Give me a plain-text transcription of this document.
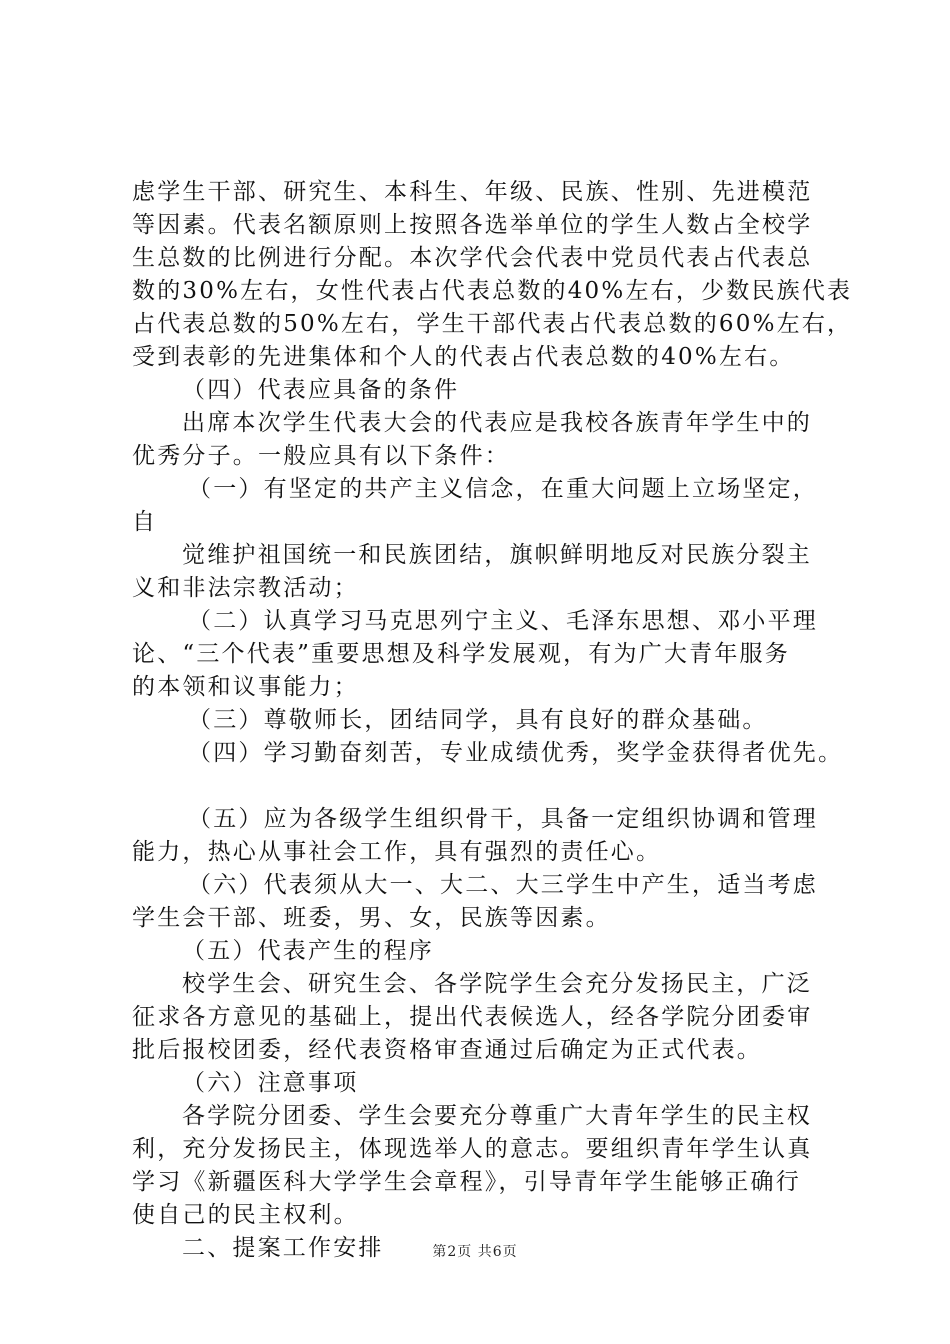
虑学生干部、研究生、本科生、年级、民族、性别、先进模范
等因素。代表名额原则上按照各选举单位的学生人数占全校学
生总数的比例进行分配。本次学代会代表中党员代表占代表总
数的30%左右，女性代表占代表总数的40%左右，少数民族代表
占代表总数的50%左右，学生干部代表占代表总数的60%左右，
受到表彰的先进集体和个人的代表占代表总数的40%左右。
（四）代表应具备的条件
出席本次学生代表大会的代表应是我校各族青年学生中的
优秀分子。一般应具有以下条件：
（一）有坚定的共产主义信念，在重大问题上立场坚定，
自
觉维护祖国统一和民族团结，旗帜鲜明地反对民族分裂主
义和非法宗教活动；
（二）认真学习马克思列宁主义、毛泽东思想、邓小平理
论、“三个代表”重要思想及科学发展观，有为广大青年服务
的本领和议事能力；
（三）尊敬师长，团结同学，具有良好的群众基础。
（四）学习勤奋刻苦，专业成绩优秀，奖学金获得者优先。
（五）应为各级学生组织骨干，具备一定组织协调和管理
能力，热心从事社会工作，具有强烈的责任心。
（六）代表须从大一、大二、大三学生中产生，适当考虑
学生会干部、班委，男、女，民族等因素。
（五）代表产生的程序
校学生会、研究生会、各学院学生会充分发扬民主，广泛
征求各方意见的基础上，提出代表候选人，经各学院分团委审
批后报校团委，经代表资格审查通过后确定为正式代表。
（六）注意事项
各学院分团委、学生会要充分尊重广大青年学生的民主权
利，充分发扬民主，体现选举人的意志。要组织青年学生认真
学习《新疆医科大学学生会章程》，引导青年学生能够正确行
使自己的民主权利。
二、提案工作安排	第2页 共6页
